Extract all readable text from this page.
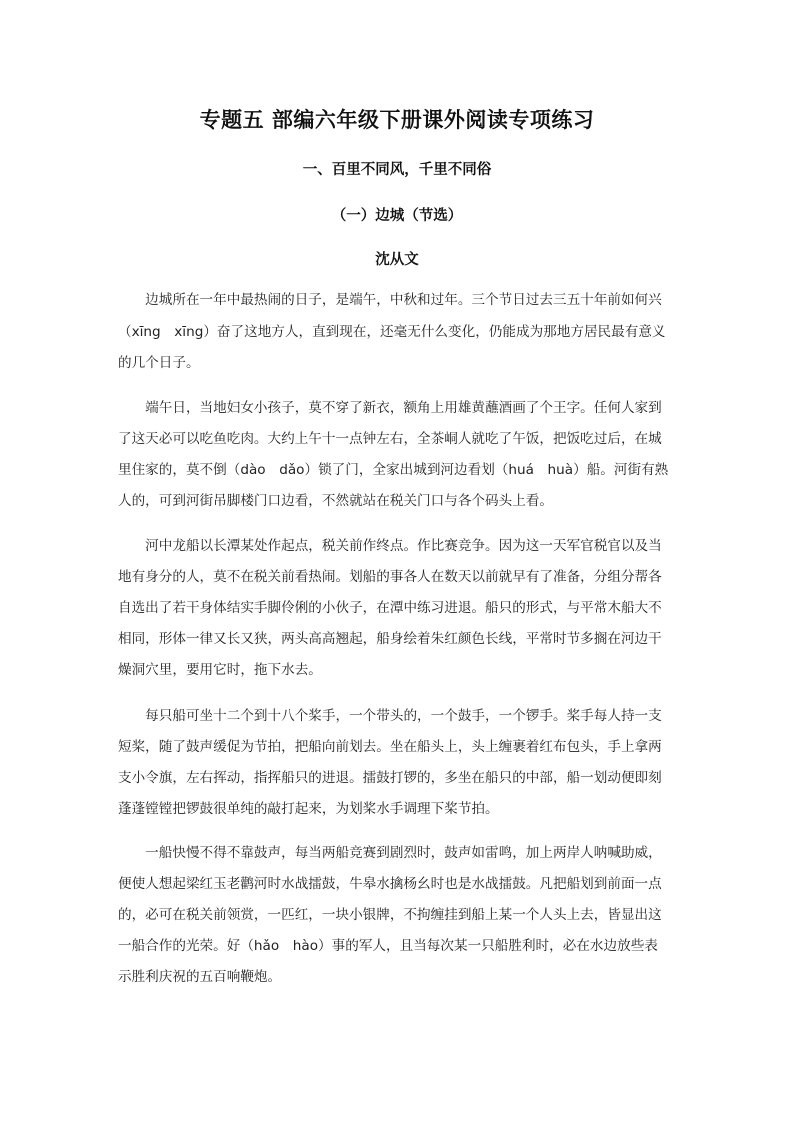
专题五 部编六年级下册课外阅读专项练习
一、百里不同风，千里不同俗
（一）边城（节选）
沈从文
　　边城所在一年中最热闹的日子，是端午，中秋和过年。三个节日过去三五十年前如何兴
（xīng　xīng）奋了这地方人，直到现在，还毫无什么变化，仍能成为那地方居民最有意义
的几个日子。
　　端午日，当地妇女小孩子，莫不穿了新衣，额角上用雄黄蘸酒画了个王字。任何人家到
了这天必可以吃鱼吃肉。大约上午十一点钟左右，全茶峒人就吃了午饭，把饭吃过后，在城
里住家的，莫不倒（dào　dǎo）锁了门，全家出城到河边看划（huá　huà）船。河街有熟
人的，可到河街吊脚楼门口边看，不然就站在税关门口与各个码头上看。
　　河中龙船以长潭某处作起点，税关前作终点。作比赛竞争。因为这一天军官税官以及当
地有身分的人，莫不在税关前看热闹。划船的事各人在数天以前就早有了准备，分组分帮各
自选出了若干身体结实手脚伶俐的小伙子，在潭中练习进退。船只的形式，与平常木船大不
相同，形体一律又长又狭，两头高高翘起，船身绘着朱红颜色长线，平常时节多搁在河边干
燥洞穴里，要用它时，拖下水去。
　　每只船可坐十二个到十八个桨手，一个带头的，一个鼓手，一个锣手。桨手每人持一支
短桨，随了鼓声缓促为节拍，把船向前划去。坐在船头上，头上缠裹着红布包头，手上拿两
支小令旗，左右挥动，指挥船只的进退。擂鼓打锣的，多坐在船只的中部，船一划动便即刻
蓬蓬镗镗把锣鼓很单纯的敲打起来，为划桨水手调理下桨节拍。
　　一船快慢不得不靠鼓声，每当两船竞赛到剧烈时，鼓声如雷鸣，加上两岸人呐喊助威，
便使人想起梁红玉老鹳河时水战擂鼓，牛皋水擒杨幺时也是水战擂鼓。凡把船划到前面一点
的，必可在税关前领赏，一匹红，一块小银牌，不拘缠挂到船上某一个人头上去，皆显出这
一船合作的光荣。好（hǎo　hào）事的军人，且当每次某一只船胜利时，必在水边放些表
示胜利庆祝的五百响鞭炮。
